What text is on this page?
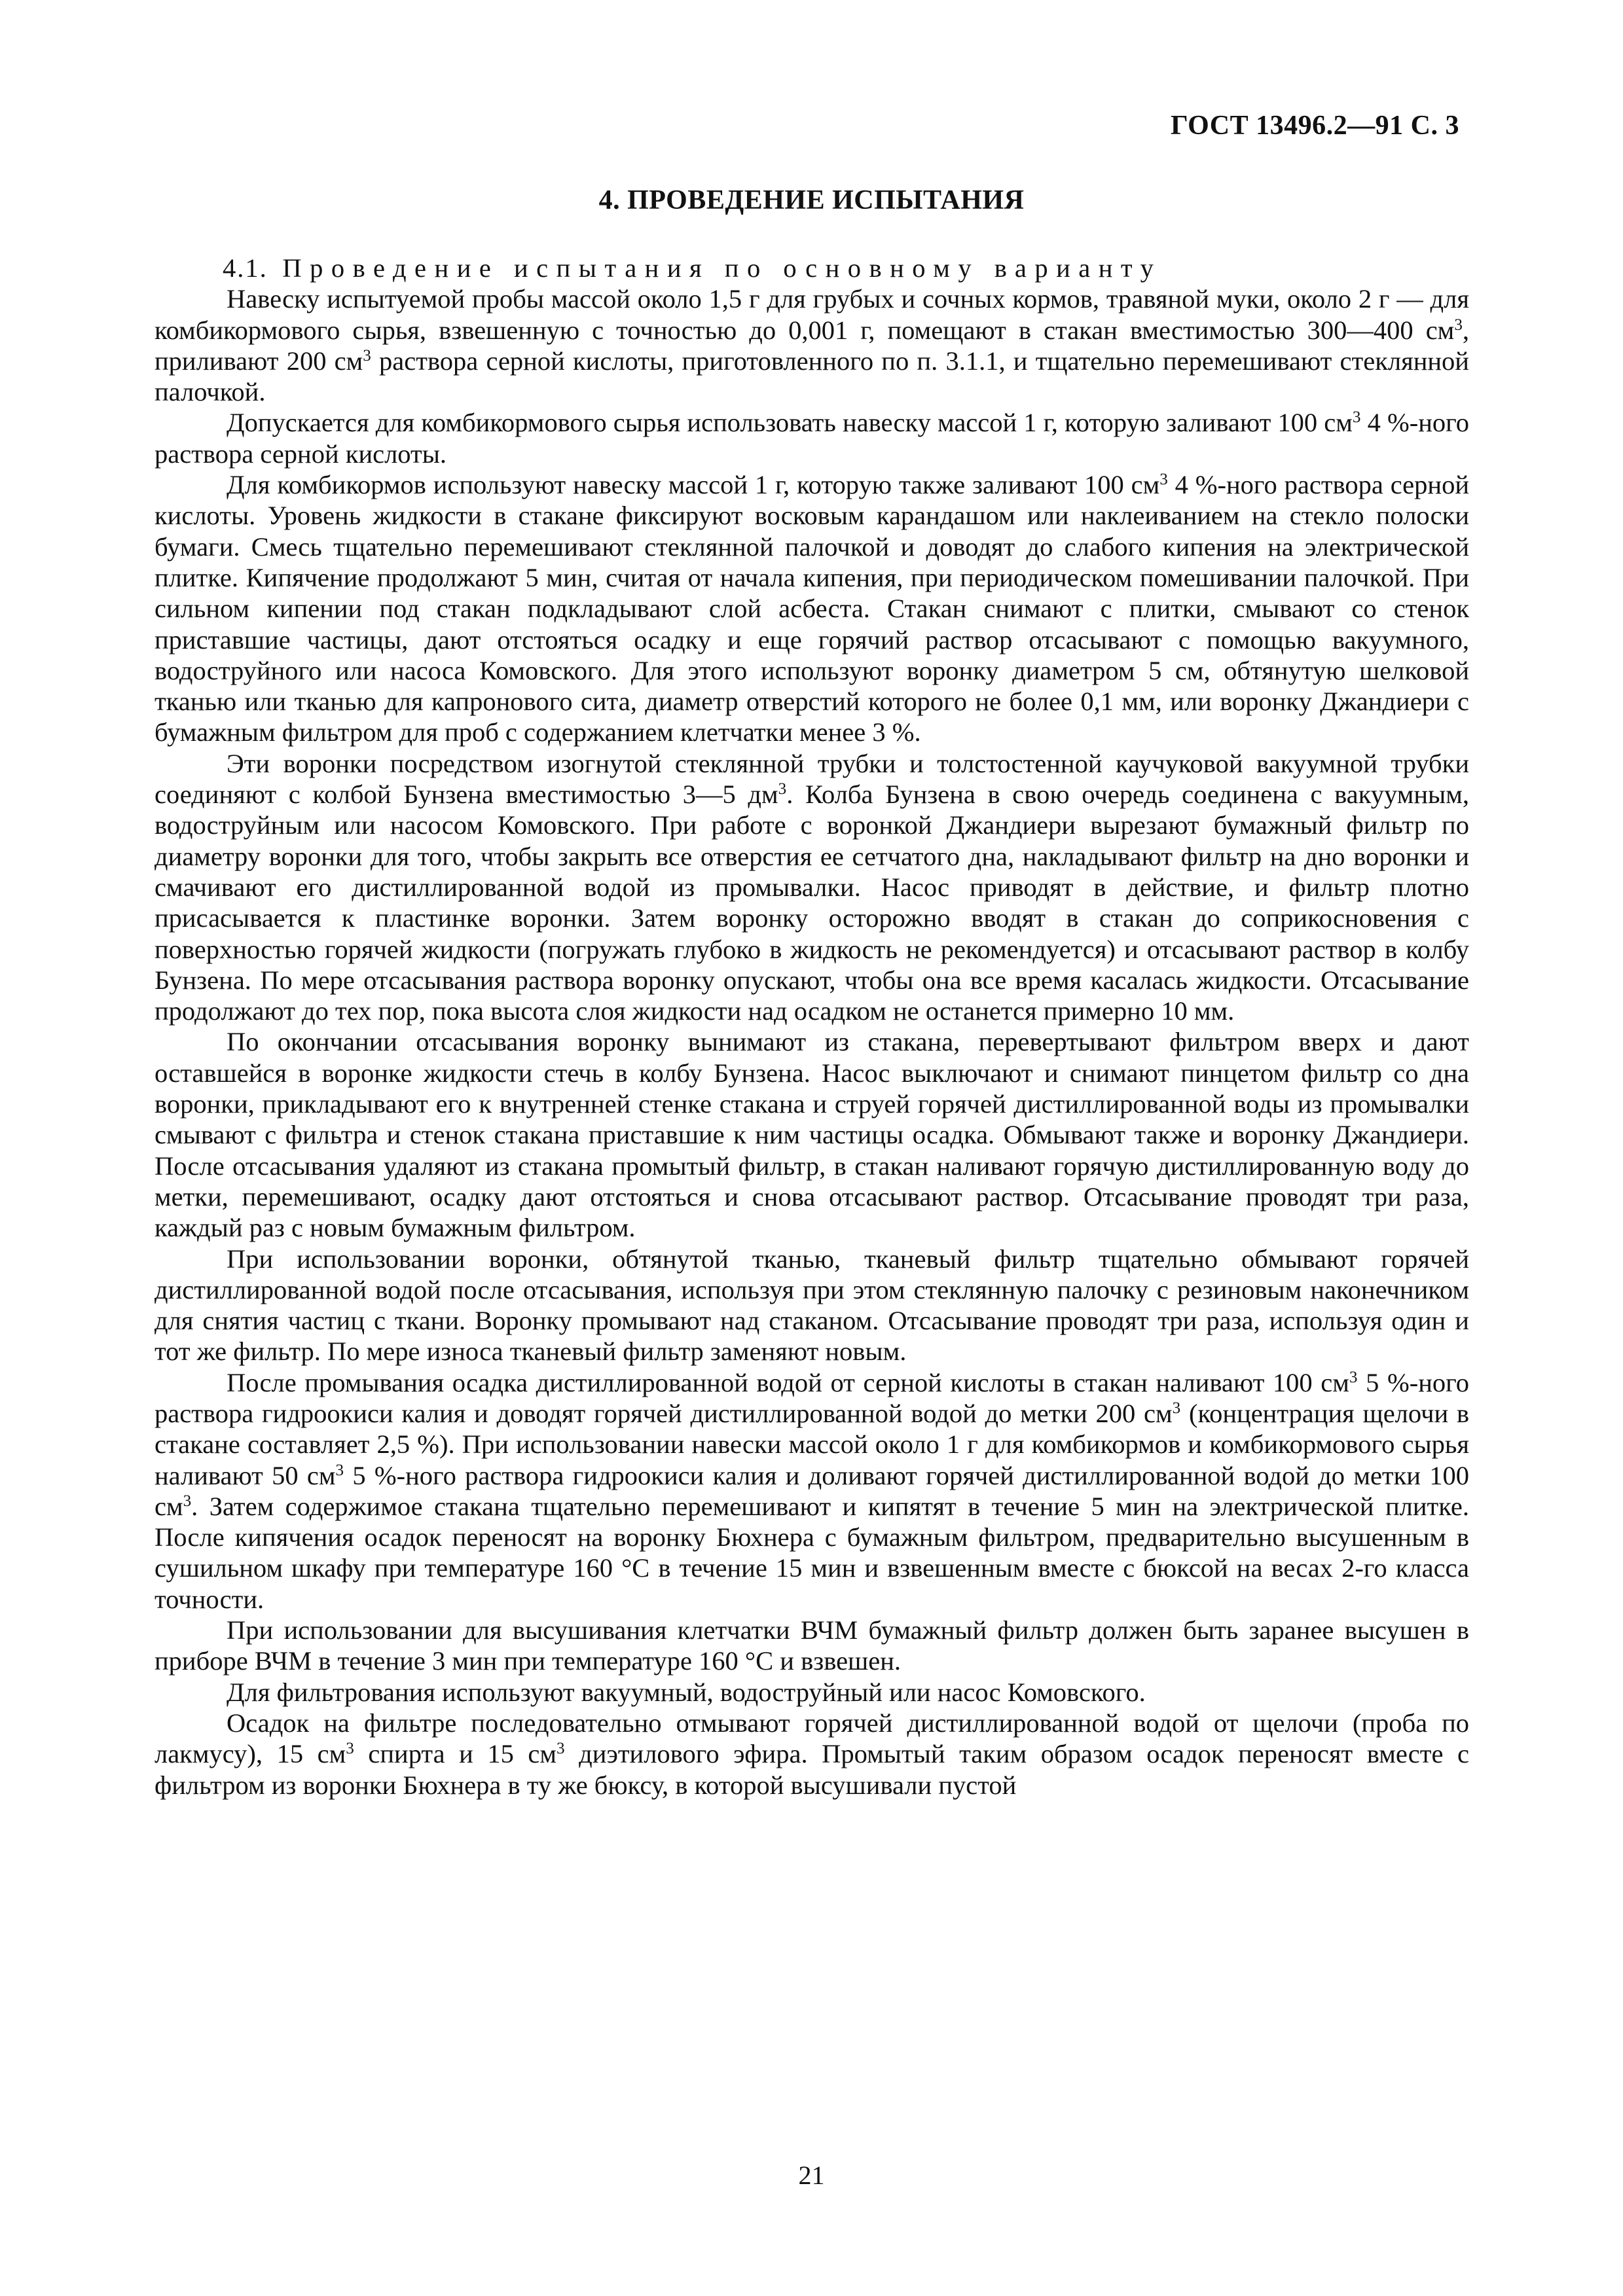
ГОСТ 13496.2—91 С. 3
4. ПРОВЕДЕНИЕ ИСПЫТАНИЯ

4.1. Проведение испытания по основному варианту

Навеску испытуемой пробы массой около 1,5 г для грубых и сочных кормов, травяной муки, около 2 г — для комбикормового сырья, взвешенную с точностью до 0,001 г, помещают в стакан вместимостью 300—400 $см^3$, приливают 200 $см^3$ раствора серной кислоты, приготовленного по п. 3.1.1, и тщательно перемешивают стеклянной палочкой.

Допускается для комбикормового сырья использовать навеску массой 1 г, которую заливают 100 $см^3$ 4 %-ного раствора серной кислоты.

Для комбикормов используют навеску массой 1 г, которую также заливают 100 $см^3$ 4 %-ного раствора серной кислоты. Уровень жидкости в стакане фиксируют восковым карандашом или наклеиванием на стекло полоски бумаги. Смесь тщательно перемешивают стеклянной палочкой и доводят до слабого кипения на электрической плитке. Кипячение продолжают 5 мин, считая от начала кипения, при периодическом помешивании палочкой. При сильном кипении под стакан подкладывают слой асбеста. Стакан снимают с плитки, смывают со стенок приставшие частицы, дают отстояться осадку и еще горячий раствор отсасывают с помощью вакуумного, водоструйного или насоса Комовского. Для этого используют воронку диаметром 5 см, обтянутую шелковой тканью или тканью для капронового сита, диаметр отверстий которого не более 0,1 мм, или воронку Джандиери с бумажным фильтром для проб с содержанием клетчатки менее 3 %.

Эти воронки посредством изогнутой стеклянной трубки и толстостенной каучуковой вакуумной трубки соединяют с колбой Бунзена вместимостью 3—5 $дм^3$. Колба Бунзена в свою очередь соединена с вакуумным, водоструйным или насосом Комовского. При работе с воронкой Джандиери вырезают бумажный фильтр по диаметру воронки для того, чтобы закрыть все отверстия ее сетчатого дна, накладывают фильтр на дно воронки и смачивают его дистиллированной водой из промывалки. Насос приводят в действие, и фильтр плотно присасывается к пластинке воронки. Затем воронку осторожно вводят в стакан до соприкосновения с поверхностью горячей жидкости (погружать глубоко в жидкость не рекомендуется) и отсасывают раствор в колбу Бунзена. По мере отсасывания раствора воронку опускают, чтобы она все время касалась жидкости. Отсасывание продолжают до тех пор, пока высота слоя жидкости над осадком не останется примерно 10 мм.

По окончании отсасывания воронку вынимают из стакана, перевертывают фильтром вверх и дают оставшейся в воронке жидкости стечь в колбу Бунзена. Насос выключают и снимают пинцетом фильтр со дна воронки, прикладывают его к внутренней стенке стакана и струей горячей дистиллированной воды из промывалки смывают с фильтра и стенок стакана приставшие к ним частицы осадка. Обмывают также и воронку Джандиери. После отсасывания удаляют из стакана промытый фильтр, в стакан наливают горячую дистиллированную воду до метки, перемешивают, осадку дают отстояться и снова отсасывают раствор. Отсасывание проводят три раза, каждый раз с новым бумажным фильтром.

При использовании воронки, обтянутой тканью, тканевый фильтр тщательно обмывают горячей дистиллированной водой после отсасывания, используя при этом стеклянную палочку с резиновым наконечником для снятия частиц с ткани. Воронку промывают над стаканом. Отсасывание проводят три раза, используя один и тот же фильтр. По мере износа тканевый фильтр заменяют новым.

После промывания осадка дистиллированной водой от серной кислоты в стакан наливают 100 $см^3$ 5 %-ного раствора гидроокиси калия и доводят горячей дистиллированной водой до метки 200 $см^3$ (концентрация щелочи в стакане составляет 2,5 %). При использовании навески массой около 1 г для комбикормов и комбикормового сырья наливают 50 $см^3$ 5 %-ного раствора гидроокиси калия и доливают горячей дистиллированной водой до метки 100 $см^3$. Затем содержимое стакана тщательно перемешивают и кипятят в течение 5 мин на электрической плитке. После кипячения осадок переносят на воронку Бюхнера с бумажным фильтром, предварительно высушенным в сушильном шкафу при температуре 160 °С в течение 15 мин и взвешенным вместе с бюксой на весах 2-го класса точности.

При использовании для высушивания клетчатки ВЧМ бумажный фильтр должен быть заранее высушен в приборе ВЧМ в течение 3 мин при температуре 160 °С и взвешен.

Для фильтрования используют вакуумный, водоструйный или насос Комовского.

Осадок на фильтре последовательно отмывают горячей дистиллированной водой от щелочи (проба по лакмусу), 15 $см^3$ спирта и 15 $см^3$ диэтилового эфира. Промытый таким образом осадок переносят вместе с фильтром из воронки Бюхнера в ту же бюксу, в которой высушивали пустой

21
